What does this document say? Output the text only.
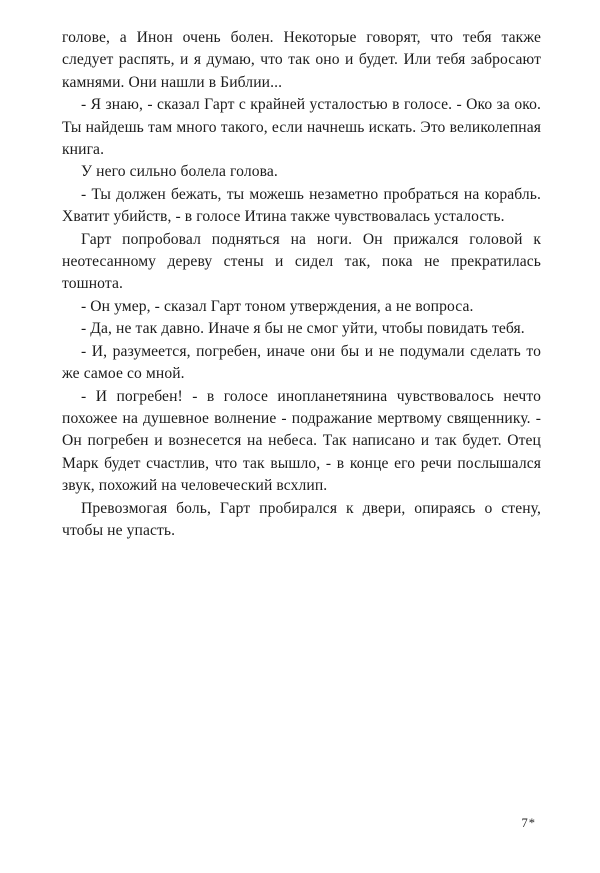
голове, а Инон очень болен. Некоторые говорят, что тебя также следует распять, и я думаю, что так оно и будет. Или тебя забросают камнями. Они нашли в Библии...

- Я знаю, - сказал Гарт с крайней усталостью в голосе. - Око за око. Ты найдешь там много такого, если начнешь искать. Это великолепная книга.

У него сильно болела голова.

- Ты должен бежать, ты можешь незаметно пробраться на корабль. Хватит убийств, - в голосе Итина также чувствовалась усталость.

Гарт попробовал подняться на ноги. Он прижался головой к неотесанному дереву стены и сидел так, пока не прекратилась тошнота.

- Он умер, - сказал Гарт тоном утверждения, а не вопроса.

- Да, не так давно. Иначе я бы не смог уйти, чтобы повидать тебя.

- И, разумеется, погребен, иначе они бы и не подумали сделать то же самое со мной.

- И погребен! - в голосе инопланетянина чувствовалось нечто похожее на душевное волнение - подражание мертвому священнику. - Он погребен и вознесется на небеса. Так написано и так будет. Отец Марк будет счастлив, что так вышло, - в конце его речи послышался звук, похожий на человеческий всхлип.

Превозмогая боль, Гарт пробирался к двери, опираясь о стену, чтобы не упасть.

7*
